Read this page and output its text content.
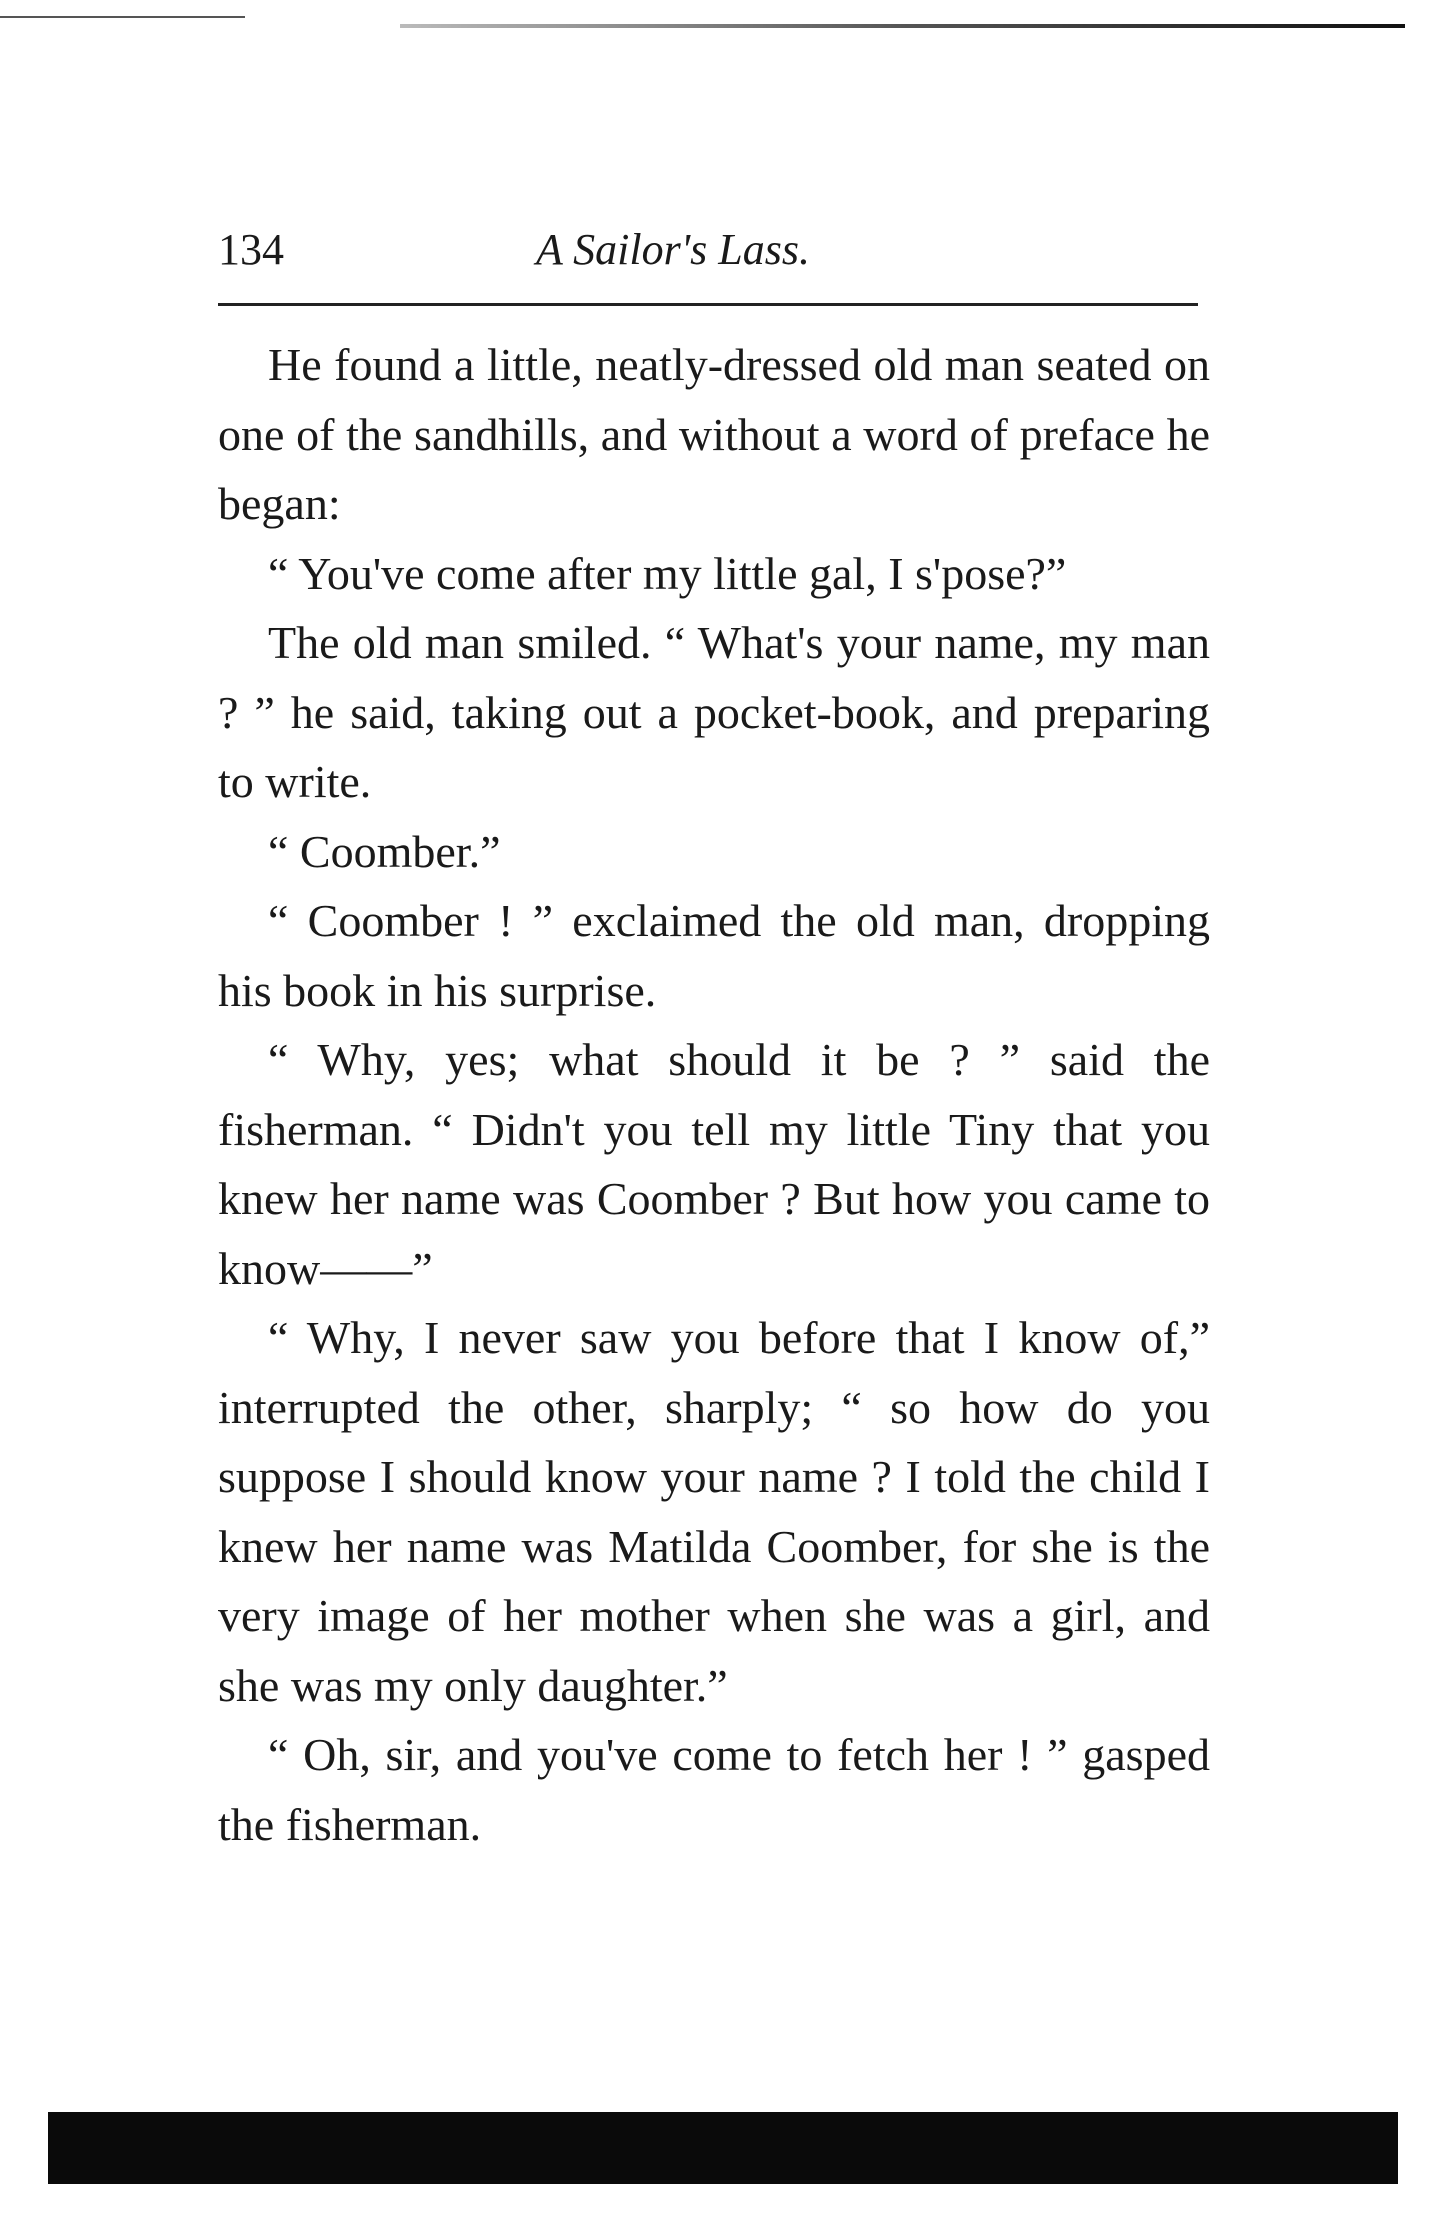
134	A Sailor's Lass.

He found a little, neatly-dressed old man seated on one of the sandhills, and without a word of preface he began:

“ You've come after my little gal, I s'pose?”

The old man smiled. “ What's your name, my man ? ” he said, taking out a pocket-book, and preparing to write.

“ Coomber.”

“ Coomber ! ” exclaimed the old man, dropping his book in his surprise.

“ Why, yes; what should it be ? ” said the fisherman. “ Didn't you tell my little Tiny that you knew her name was Coomber ? But how you came to know——”

“ Why, I never saw you before that I know of,” interrupted the other, sharply; “ so how do you suppose I should know your name ? I told the child I knew her name was Matilda Coomber, for she is the very image of her mother when she was a girl, and she was my only daughter.”

“ Oh, sir, and you've come to fetch her ! ” gasped the fisherman.
